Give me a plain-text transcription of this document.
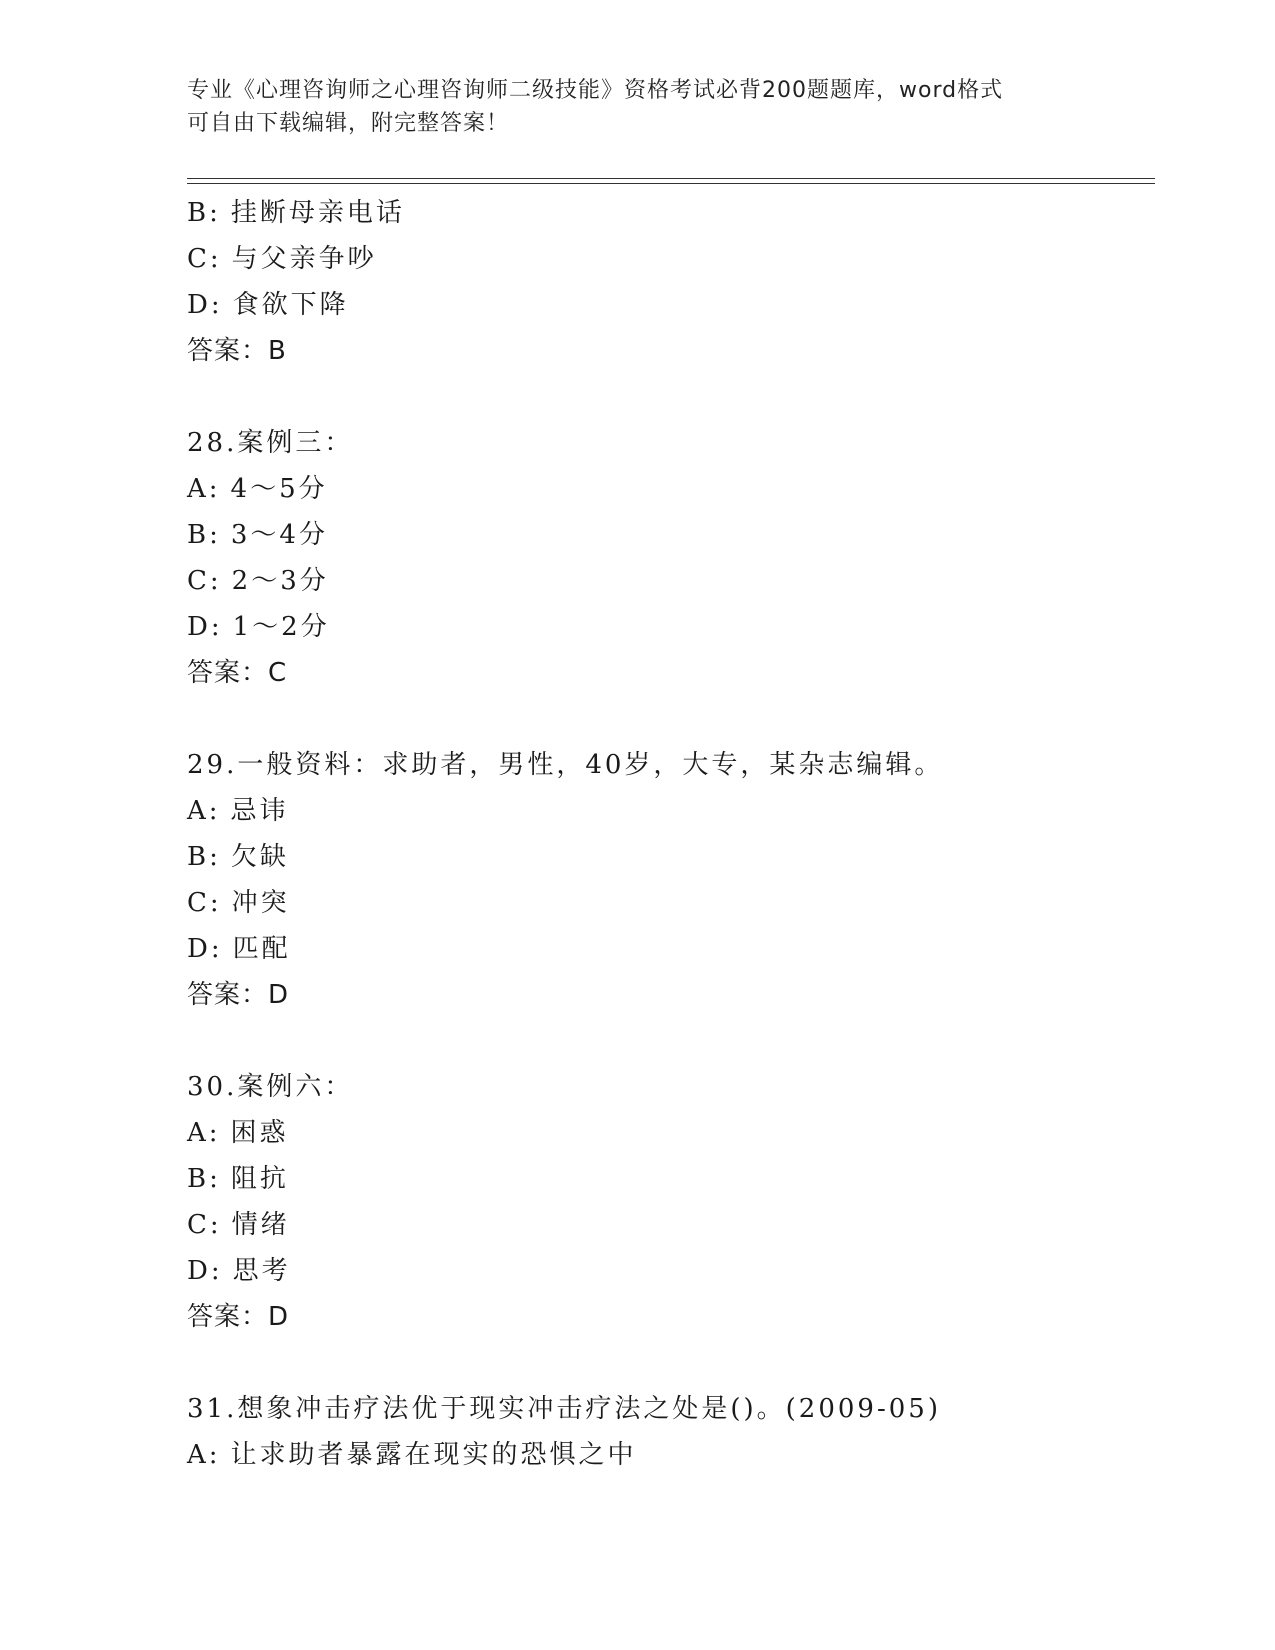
专业《心理咨询师之心理咨询师二级技能》资格考试必背200题题库，word格式
可自由下载编辑，附完整答案！
B: 挂断母亲电话
C: 与父亲争吵
D: 食欲下降
答案：B
28.案例三：
A: 4～5分
B: 3～4分
C: 2～3分
D: 1～2分
答案：C
29.一般资料：求助者，男性，40岁，大专，某杂志编辑。
A: 忌讳
B: 欠缺
C: 冲突
D: 匹配
答案：D
30.案例六：
A: 困惑
B: 阻抗
C: 情绪
D: 思考
答案：D
31.想象冲击疗法优于现实冲击疗法之处是()。(2009-05)
A: 让求助者暴露在现实的恐惧之中
